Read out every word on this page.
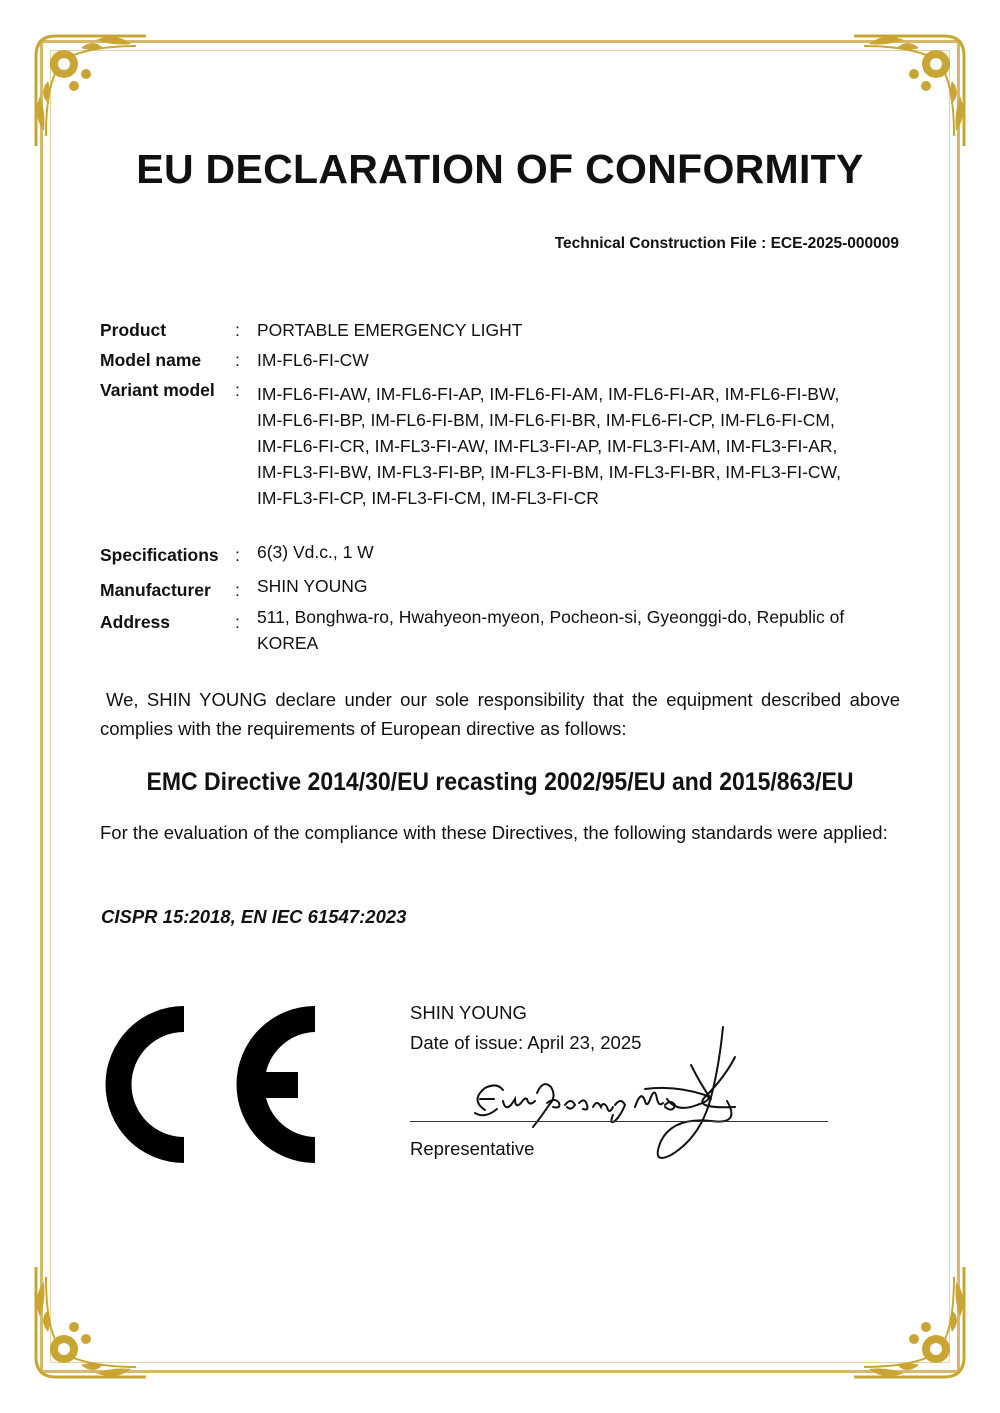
EU DECLARATION OF CONFORMITY
Technical Construction File : ECE-2025-000009
Product	: PORTABLE EMERGENCY LIGHT
Model name : IM-FL6-FI-CW
Variant model : IM-FL6-FI-AW, IM-FL6-FI-AP, IM-FL6-FI-AM, IM-FL6-FI-AR, IM-FL6-FI-BW,
IM-FL6-FI-BP, IM-FL6-FI-BM, IM-FL6-FI-BR, IM-FL6-FI-CP, IM-FL6-FI-CM,
IM-FL6-FI-CR, IM-FL3-FI-AW, IM-FL3-FI-AP, IM-FL3-FI-AM, IM-FL3-FI-AR,
IM-FL3-FI-BW, IM-FL3-FI-BP, IM-FL3-FI-BM, IM-FL3-FI-BR, IM-FL3-FI-CW,
IM-FL3-FI-CP, IM-FL3-FI-CM, IM-FL3-FI-CR
Specifications : 6(3) Vd.c., 1 W
Manufacturer : SHIN YOUNG
Address	: 511, Bonghwa-ro, Hwahyeon-myeon, Pocheon-si, Gyeonggi-do, Republic of
KOREA
We, SHIN YOUNG declare under our sole responsibility that the equipment described above complies with the requirements of European directive as follows:
EMC Directive 2014/30/EU recasting 2002/95/EU and 2015/863/EU
For the evaluation of the compliance with these Directives, the following standards were applied:
CISPR 15:2018, EN IEC 61547:2023
SHIN YOUNG
Date of issue: April 23, 2025
Representative
